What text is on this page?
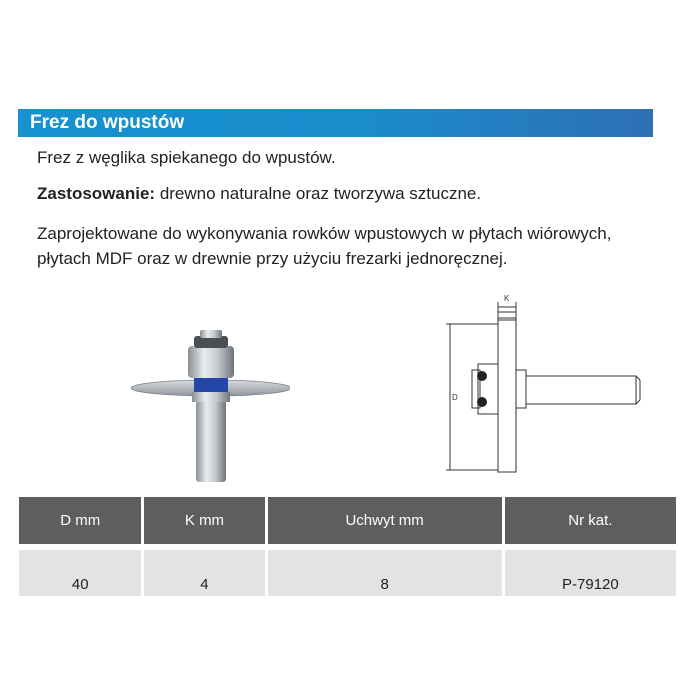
Frez do wpustów
Frez z węglika spiekanego do wpustów.
Zastosowanie: drewno naturalne oraz tworzywa sztuczne.
Zaprojektowane do wykonywania rowków wpustowych w płytach wiórowych,
płytach MDF oraz w drewnie przy użyciu frezarki jednoręcznej.
K
D
D mm	K mm	Uchwyt mm	Nr kat.

40	4	8	P-79120
